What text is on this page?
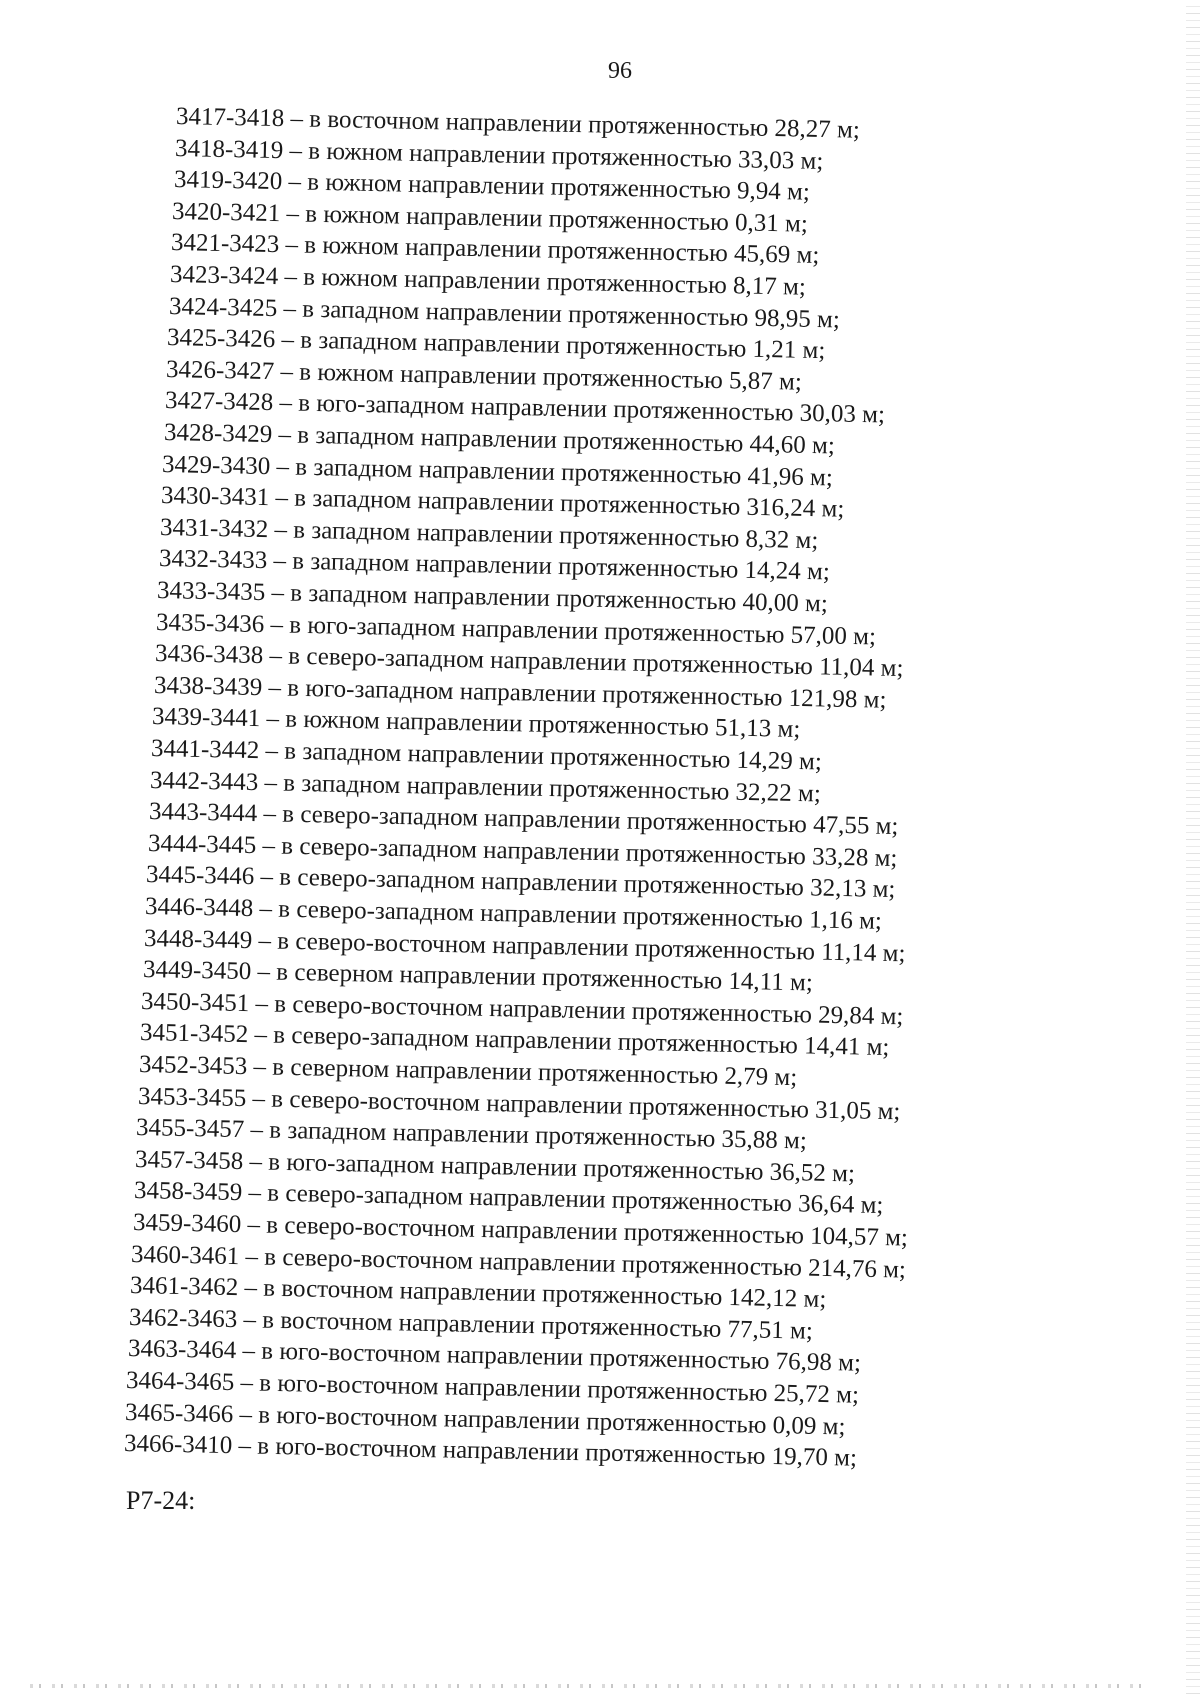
96
3417-3418 – в восточном направлении протяженностью 28,27 м;
3418-3419 – в южном направлении протяженностью 33,03 м;
3419-3420 – в южном направлении протяженностью 9,94 м;
3420-3421 – в южном направлении протяженностью 0,31 м;
3421-3423 – в южном направлении протяженностью 45,69 м;
3423-3424 – в южном направлении протяженностью 8,17 м;
3424-3425 – в западном направлении протяженностью 98,95 м;
3425-3426 – в западном направлении протяженностью 1,21 м;
3426-3427 – в южном направлении протяженностью 5,87 м;
3427-3428 – в юго-западном направлении протяженностью 30,03 м;
3428-3429 – в западном направлении протяженностью 44,60 м;
3429-3430 – в западном направлении протяженностью 41,96 м;
3430-3431 – в западном направлении протяженностью 316,24 м;
3431-3432 – в западном направлении протяженностью 8,32 м;
3432-3433 – в западном направлении протяженностью 14,24 м;
3433-3435 – в западном направлении протяженностью 40,00 м;
3435-3436 – в юго-западном направлении протяженностью 57,00 м;
3436-3438 – в северо-западном направлении протяженностью 11,04 м;
3438-3439 – в юго-западном направлении протяженностью 121,98 м;
3439-3441 – в южном направлении протяженностью 51,13 м;
3441-3442 – в западном направлении протяженностью 14,29 м;
3442-3443 – в западном направлении протяженностью 32,22 м;
3443-3444 – в северо-западном направлении протяженностью 47,55 м;
3444-3445 – в северо-западном направлении протяженностью 33,28 м;
3445-3446 – в северо-западном направлении протяженностью 32,13 м;
3446-3448 – в северо-западном направлении протяженностью 1,16 м;
3448-3449 – в северо-восточном направлении протяженностью 11,14 м;
3449-3450 – в северном направлении протяженностью 14,11 м;
3450-3451 – в северо-восточном направлении протяженностью 29,84 м;
3451-3452 – в северо-западном направлении протяженностью 14,41 м;
3452-3453 – в северном направлении протяженностью 2,79 м;
3453-3455 – в северо-восточном направлении протяженностью 31,05 м;
3455-3457 – в западном направлении протяженностью 35,88 м;
3457-3458 – в юго-западном направлении протяженностью 36,52 м;
3458-3459 – в северо-западном направлении протяженностью 36,64 м;
3459-3460 – в северо-восточном направлении протяженностью 104,57 м;
3460-3461 – в северо-восточном направлении протяженностью 214,76 м;
3461-3462 – в восточном направлении протяженностью 142,12 м;
3462-3463 – в восточном направлении протяженностью 77,51 м;
3463-3464 – в юго-восточном направлении протяженностью 76,98 м;
3464-3465 – в юго-восточном направлении протяженностью 25,72 м;
3465-3466 – в юго-восточном направлении протяженностью 0,09 м;
3466-3410 – в юго-восточном направлении протяженностью 19,70 м;
Р7-24:
